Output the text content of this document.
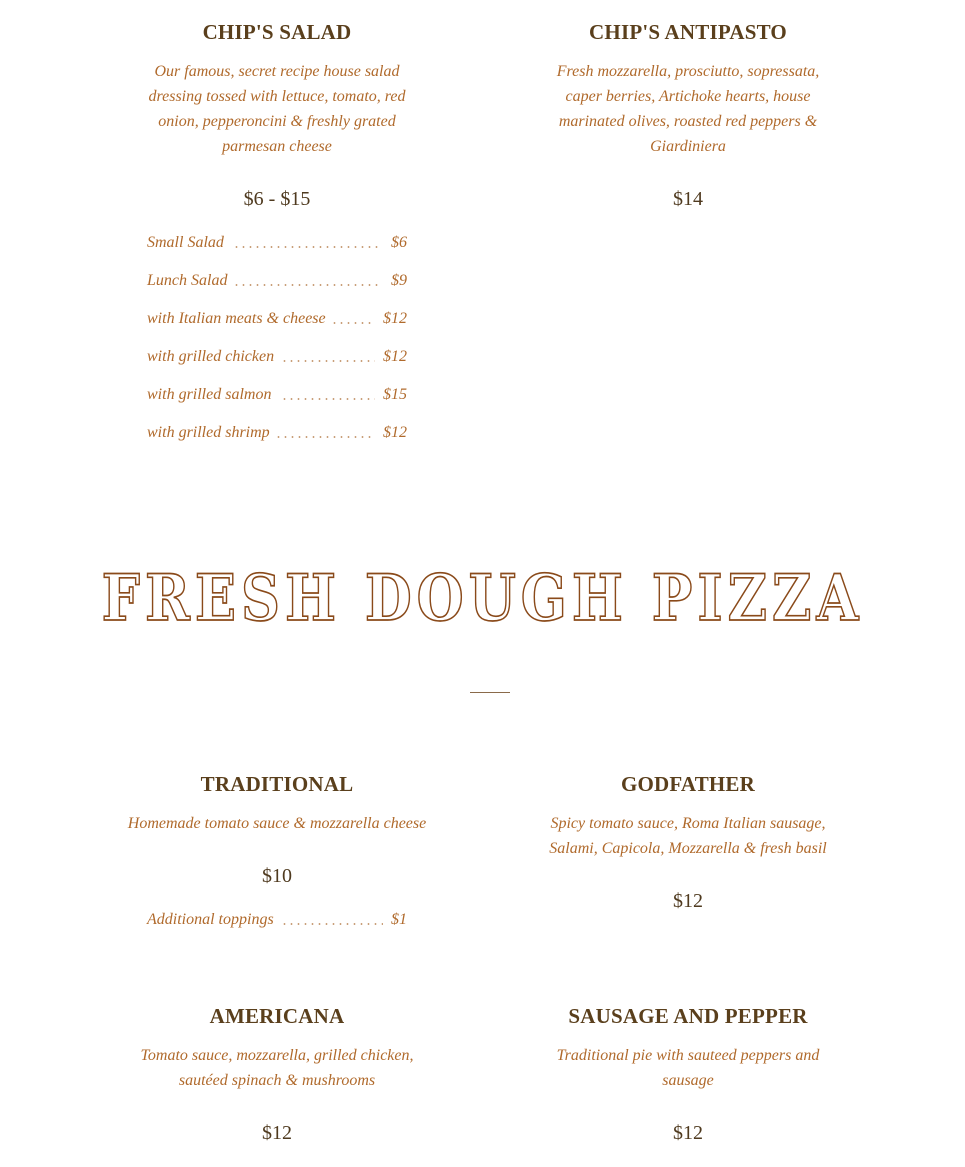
CHIP'S SALAD
Our famous, secret recipe house salad dressing tossed with lettuce, tomato, red onion, pepperoncini & freshly grated parmesan cheese
$6 - $15
Small Salad	$6
Lunch Salad	$9
with Italian meats & cheese	$12
with grilled chicken	$12
with grilled salmon	$15
with grilled shrimp	$12
CHIP'S ANTIPASTO
Fresh mozzarella, prosciutto, sopressata, caper berries, Artichoke hearts, house marinated olives, roasted red peppers & Giardiniera
$14
FRESH DOUGH PIZZA
TRADITIONAL
Homemade tomato sauce & mozzarella cheese
$10
Additional toppings	$1
GODFATHER
Spicy tomato sauce, Roma Italian sausage, Salami, Capicola, Mozzarella & fresh basil
$12
AMERICANA
Tomato sauce, mozzarella, grilled chicken, sautéed spinach & mushrooms
$12
SAUSAGE AND PEPPER
Traditional pie with sauteed peppers and sausage
$12
